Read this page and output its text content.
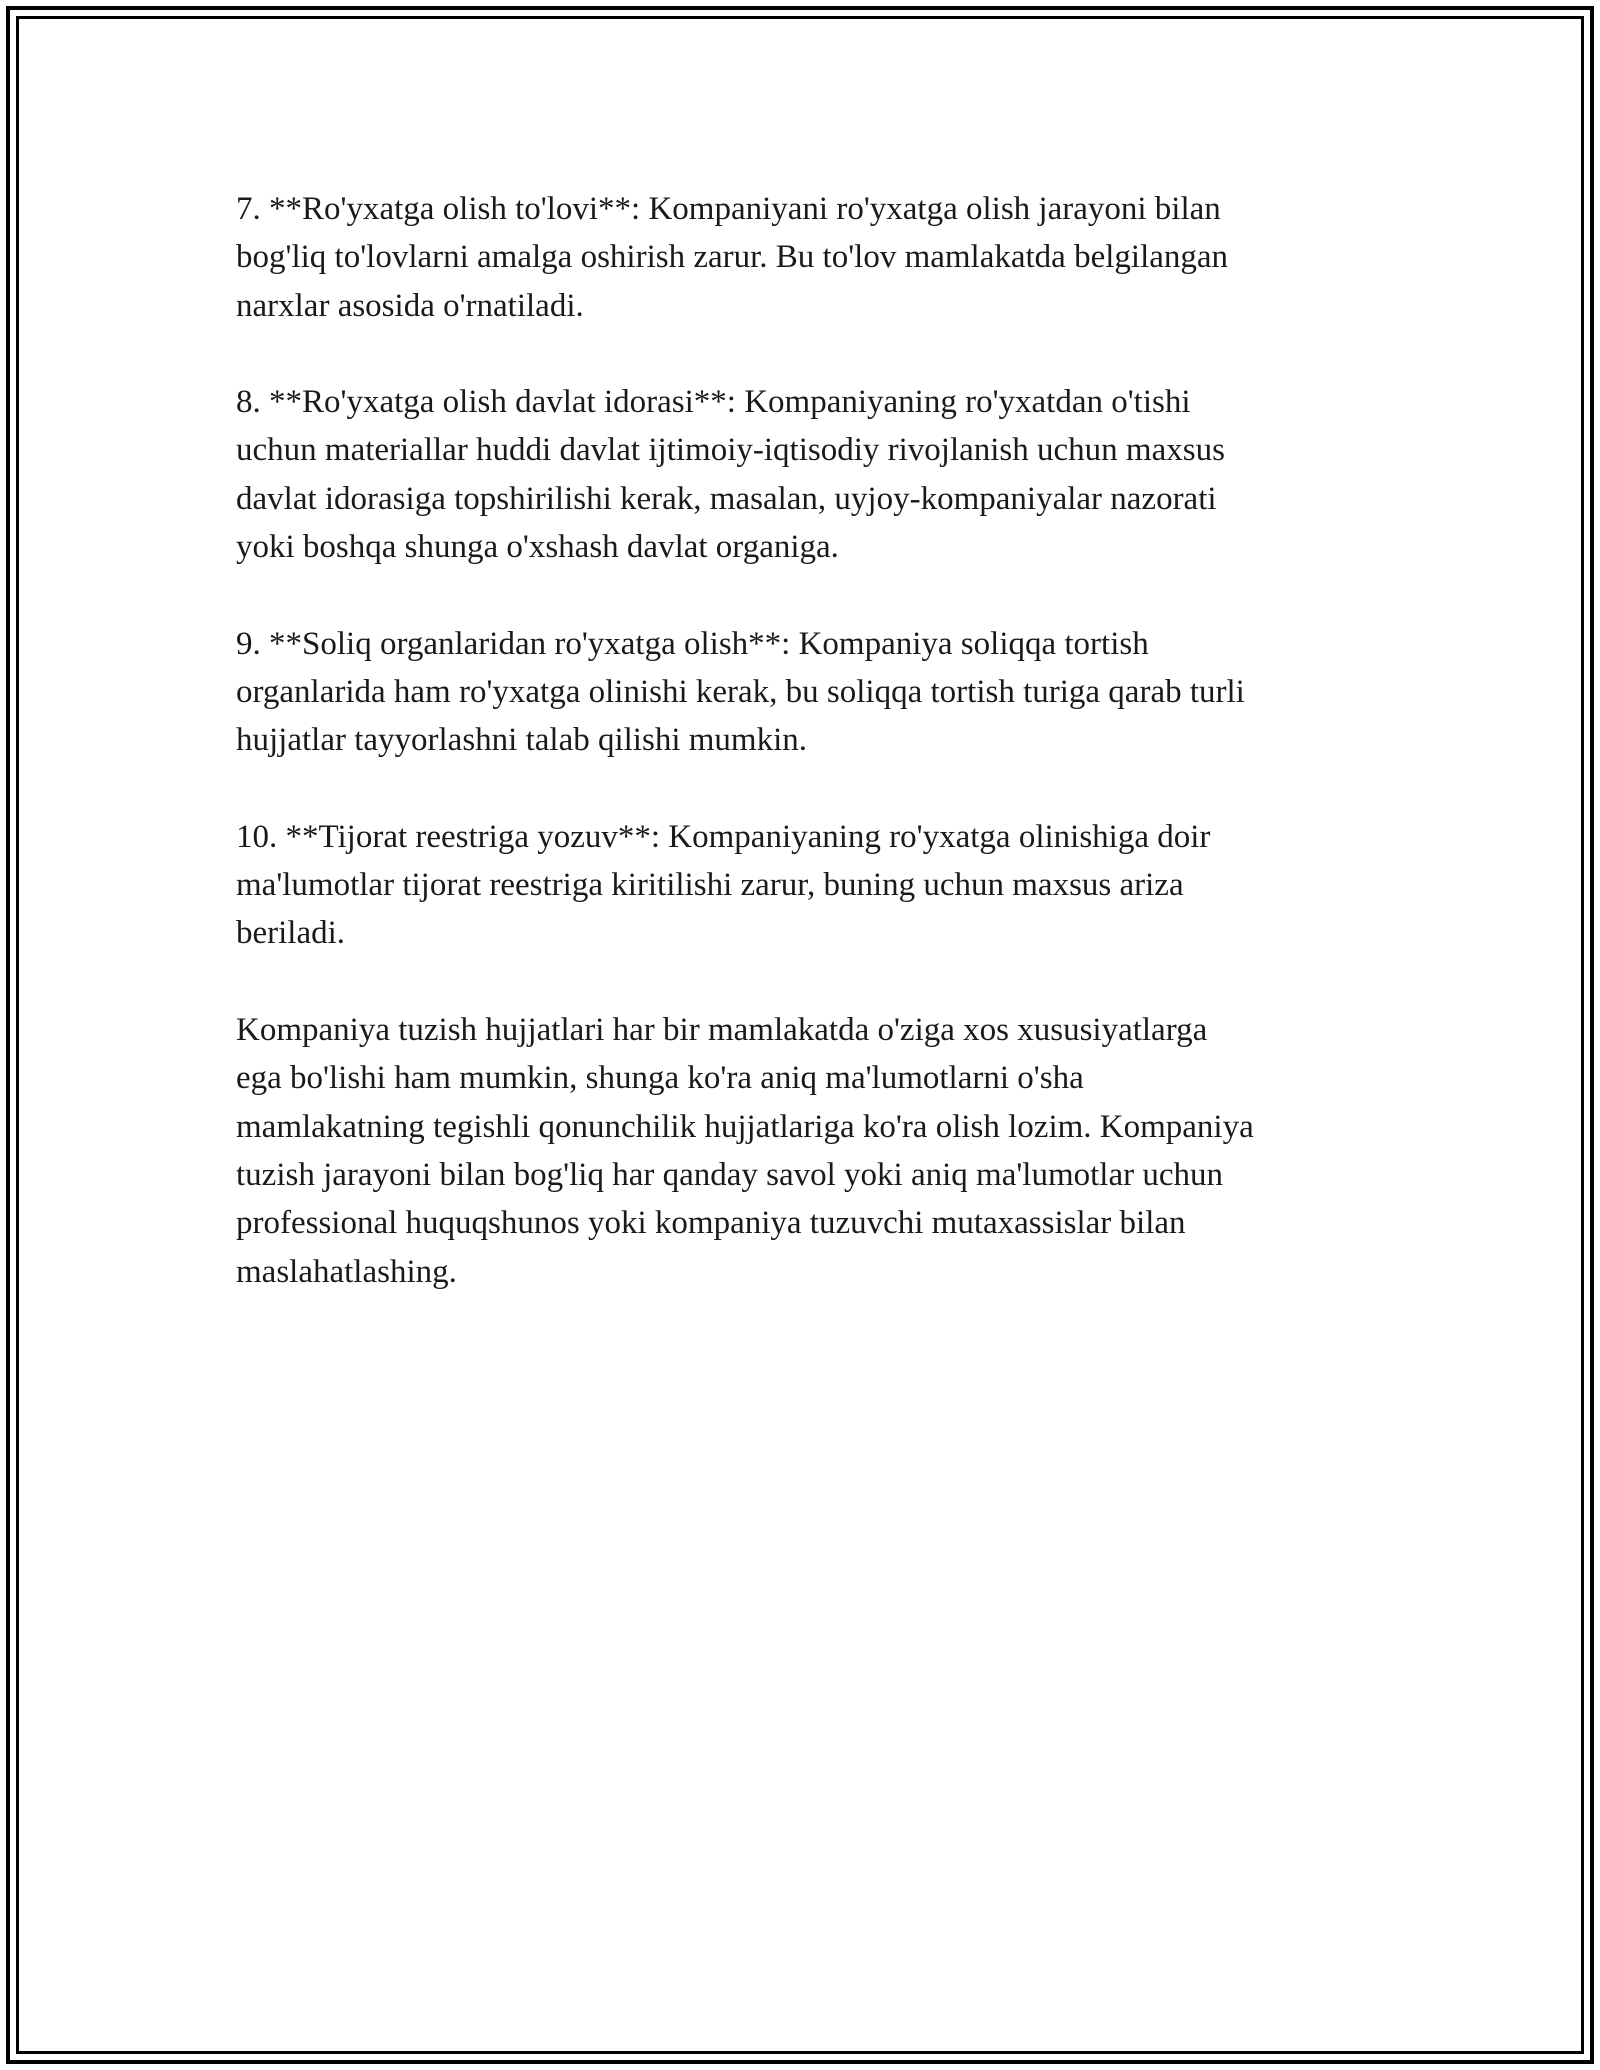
7. **Ro'yxatga olish to'lovi**: Kompaniyani ro'yxatga olish jarayoni bilan
bog'liq to'lovlarni amalga oshirish zarur. Bu to'lov mamlakatda belgilangan
narxlar asosida o'rnatiladi.

8. **Ro'yxatga olish davlat idorasi**: Kompaniyaning ro'yxatdan o'tishi
uchun materiallar huddi davlat ijtimoiy-iqtisodiy rivojlanish uchun maxsus
davlat idorasiga topshirilishi kerak, masalan, uyjoy-kompaniyalar nazorati
yoki boshqa shunga o'xshash davlat organiga.

9. **Soliq organlaridan ro'yxatga olish**: Kompaniya soliqqa tortish
organlarida ham ro'yxatga olinishi kerak, bu soliqqa tortish turiga qarab turli
hujjatlar tayyorlashni talab qilishi mumkin.

10. **Tijorat reestriga yozuv**: Kompaniyaning ro'yxatga olinishiga doir
ma'lumotlar tijorat reestriga kiritilishi zarur, buning uchun maxsus ariza
beriladi.

Kompaniya tuzish hujjatlari har bir mamlakatda o'ziga xos xususiyatlarga
ega bo'lishi ham mumkin, shunga ko'ra aniq ma'lumotlarni o'sha
mamlakatning tegishli qonunchilik hujjatlariga ko'ra olish lozim. Kompaniya
tuzish jarayoni bilan bog'liq har qanday savol yoki aniq ma'lumotlar uchun
professional huquqshunos yoki kompaniya tuzuvchi mutaxassislar bilan
maslahatlashing.
